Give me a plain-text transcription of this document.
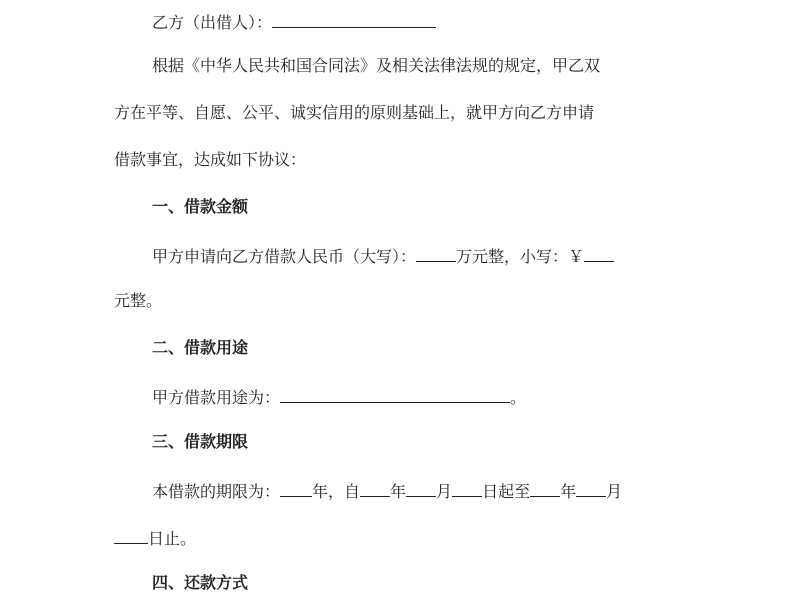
乙方（出借人）：
根据《中华人民共和国合同法》及相关法律法规的规定，甲乙双
方在平等、自愿、公平、诚实信用的原则基础上，就甲方向乙方申请
借款事宜，达成如下协议：
一、借款金额
甲方申请向乙方借款人民币（大写）：	万元整，小写：￥
元整。
二、借款用途
甲方借款用途为：	。
三、借款期限
本借款的期限为： 年，自 年 月 日起至 年 月
日止。
四、还款方式
